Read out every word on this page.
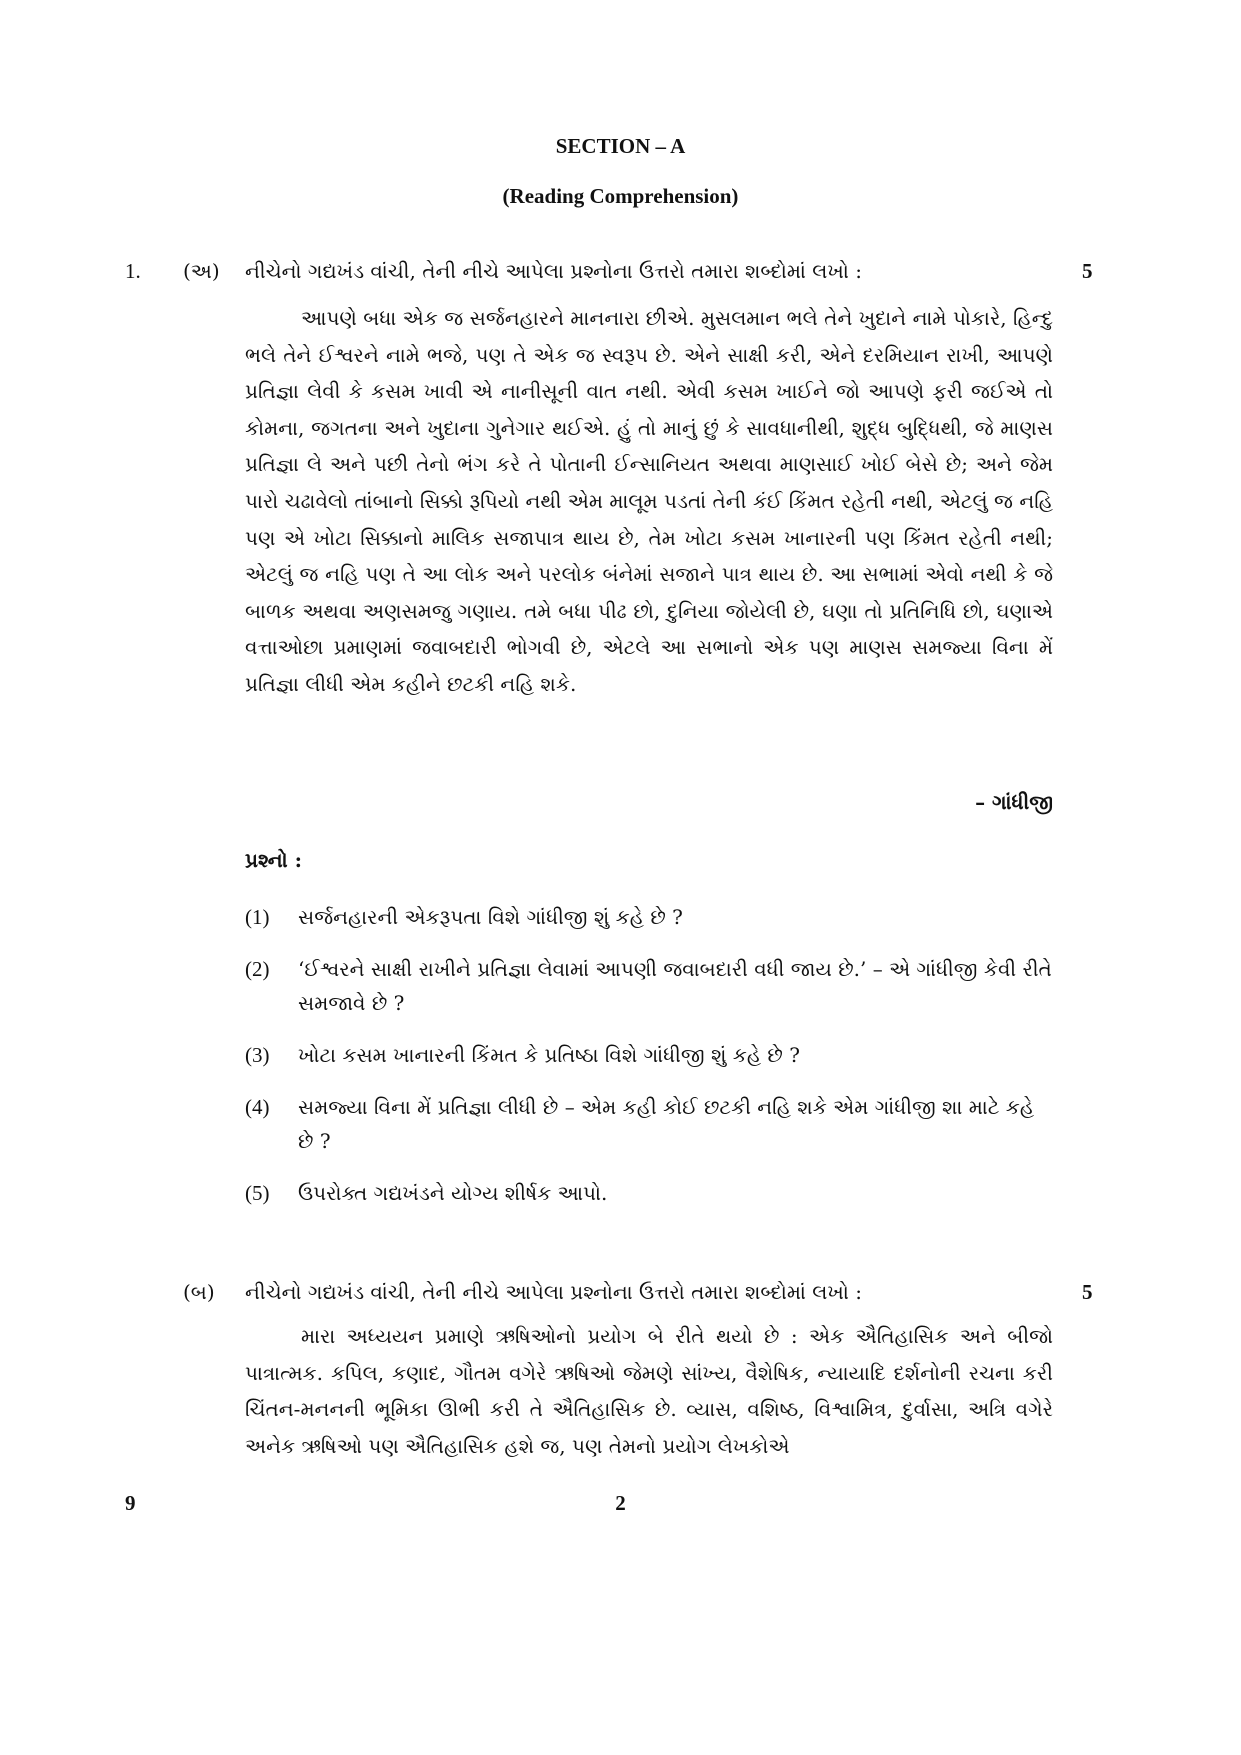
SECTION – A
(Reading Comprehension)
1. (અ) નીચેનો ગદ્યખંડ વાંચી, તેની નીચે આપેલા પ્રશ્નોના ઉત્તરો તમારા શબ્દોમાં લખો :	5
આપણે બધા એક જ સર્જનહારને માનનારા છીએ. મુસલમાન ભલે તેને ખુદાને નામે પોકારે, હિન્દુ ભલે તેને ઈશ્વરને નામે ભજે, પણ તે એક જ સ્વરૂપ છે. એને સાક્ષી કરી, એને દરમિયાન રાખી, આપણે પ્રતિજ્ઞા લેવી કે કસમ ખાવી એ નાનીસૂની વાત નથી. એવી કસમ ખાઈને જો આપણે ફરી જઈએ તો કોમના, જગતના અને ખુદાના ગુનેગાર થઈએ. હું તો માનું છું કે સાવધાનીથી, શુદ્ધ બુદ્ધિથી, જે માણસ પ્રતિજ્ઞા લે અને પછી તેનો ભંગ કરે તે પોતાની ઈન્સાનિયત અથવા માણસાઈ ખોઈ બેસે છે; અને જેમ પારો ચઢાવેલો તાંબાનો સિક્કો રૂપિયો નથી એમ માલૂમ પડતાં તેની કંઈ કિંમત રહેતી નથી, એટલું જ નહિ પણ એ ખોટા સિક્કાનો માલિક સજાપાત્ર થાય છે, તેમ ખોટા કસમ ખાનારની પણ કિંમત રહેતી નથી; એટલું જ નહિ પણ તે આ લોક અને પરલોક બંનેમાં સજાને પાત્ર થાય છે. આ સભામાં એવો નથી કે જે બાળક અથવા અણસમજુ ગણાય. તમે બધા પીઢ છો, દુનિયા જોયેલી છે, ઘણા તો પ્રતિનિધિ છો, ઘણાએ વત્તાઓછા પ્રમાણમાં જવાબદારી ભોગવી છે, એટલે આ સભાનો એક પણ માણસ સમજ્યા વિના મેં પ્રતિજ્ઞા લીધી એમ કહીને છટકી નહિ શકે.
– ગાંધીજી
પ્રશ્નો :
(1) સર્જનહારની એકરૂપતા વિશે ગાંધીજી શું કહે છે ?
(2) ‘ઈશ્વરને સાક્ષી રાખીને પ્રતિજ્ઞા લેવામાં આપણી જવાબદારી વધી જાય છે.’ – એ ગાંધીજી કેવી રીતે સમજાવે છે ?
(3) ખોટા કસમ ખાનારની કિંમત કે પ્રતિષ્ઠા વિશે ગાંધીજી શું કહે છે ?
(4) સમજ્યા વિના મેં પ્રતિજ્ઞા લીધી છે – એમ કહી કોઈ છટકી નહિ શકે એમ ગાંધીજી શા માટે કહે છે ?
(5) ઉપરોક્ત ગદ્યખંડને યોગ્ય શીર્ષક આપો.
(બ) નીચેનો ગદ્યખંડ વાંચી, તેની નીચે આપેલા પ્રશ્નોના ઉત્તરો તમારા શબ્દોમાં લખો :	5
મારા અધ્યયન પ્રમાણે ઋષિઓનો પ્રયોગ બે રીતે થયો છે : એક ઐતિહાસિક અને બીજો પાત્રાત્મક. કપિલ, કણાદ, ગૌતમ વગેરે ઋષિઓ જેમણે સાંખ્ય, વૈશેષિક, ન્યાયાદિ દર્શનોની રચના કરી ચિંતન-મનનની ભૂમિકા ઊભી કરી તે ઐતિહાસિક છે. વ્યાસ, વશિષ્ઠ, વિશ્વામિત્ર, દુર્વાસા, અત્રિ વગેરે અનેક ઋષિઓ પણ ઐતિહાસિક હશે જ, પણ તેમનો પ્રયોગ લેખકોએ
9	2
